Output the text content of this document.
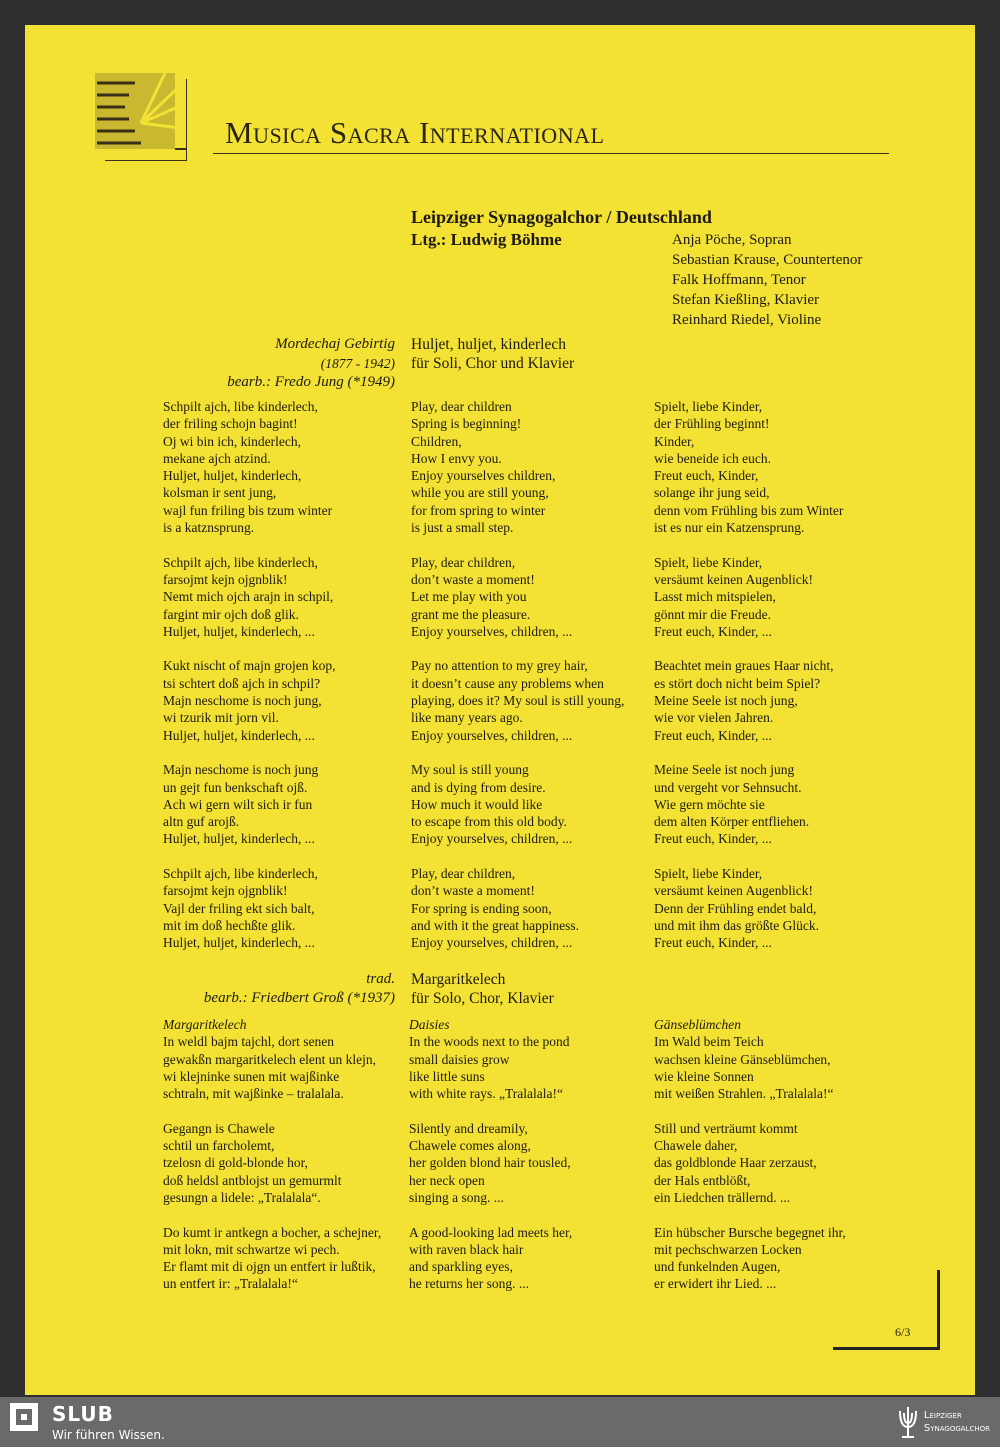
Musica Sacra International
Leipziger Synagogalchor / Deutschland
Ltg.: Ludwig Böhme	Anja Pöche, Sopran
Sebastian Krause, Countertenor
Falk Hoffmann, Tenor
Stefan Kießling, Klavier
Reinhard Riedel, Violine
Mordechaj Gebirtig
(1877 - 1942)
bearb.: Fredo Jung (*1949)
Huljet, huljet, kinderlech
für Soli, Chor und Klavier
Schpilt ajch, libe kinderlech,
der friling schojn bagint!
Oj wi bin ich, kinderlech,
mekane ajch atzind.
Huljet, huljet, kinderlech,
kolsman ir sent jung,
wajl fun friling bis tzum winter
is a katznsprung.
Schpilt ajch, libe kinderlech,
farsojmt kejn ojgnblik!
Nemt mich ojch arajn in schpil,
fargint mir ojch doß glik.
Huljet, huljet, kinderlech, ...
Kukt nischt of majn grojen kop,
tsi schtert doß ajch in schpil?
Majn neschome is noch jung,
wi tzurik mit jorn vil.
Huljet, huljet, kinderlech, ...
Majn neschome is noch jung
un gejt fun benkschaft ojß.
Ach wi gern wilt sich ir fun
altn guf arojß.
Huljet, huljet, kinderlech, ...
Schpilt ajch, libe kinderlech,
farsojmt kejn ojgnblik!
Vajl der friling ekt sich balt,
mit im doß hechßte glik.
Huljet, huljet, kinderlech, ...
Play, dear children
Spring is beginning!
Children,
How I envy you.
Enjoy yourselves children,
while you are still young,
for from spring to winter
is just a small step.
Play, dear children,
don’t waste a moment!
Let me play with you
grant me the pleasure.
Enjoy yourselves, children, ...
Pay no attention to my grey hair,
it doesn’t cause any problems when
playing, does it? My soul is still young,
like many years ago.
Enjoy yourselves, children, ...
My soul is still young
and is dying from desire.
How much it would like
to escape from this old body.
Enjoy yourselves, children, ...
Play, dear children,
don’t waste a moment!
For spring is ending soon,
and with it the great happiness.
Enjoy yourselves, children, ...
Spielt, liebe Kinder,
der Frühling beginnt!
Kinder,
wie beneide ich euch.
Freut euch, Kinder,
solange ihr jung seid,
denn vom Frühling bis zum Winter
ist es nur ein Katzensprung.
Spielt, liebe Kinder,
versäumt keinen Augenblick!
Lasst mich mitspielen,
gönnt mir die Freude.
Freut euch, Kinder, ...
Beachtet mein graues Haar nicht,
es stört doch nicht beim Spiel?
Meine Seele ist noch jung,
wie vor vielen Jahren.
Freut euch, Kinder, ...
Meine Seele ist noch jung
und vergeht vor Sehnsucht.
Wie gern möchte sie
dem alten Körper entfliehen.
Freut euch, Kinder, ...
Spielt, liebe Kinder,
versäumt keinen Augenblick!
Denn der Frühling endet bald,
und mit ihm das größte Glück.
Freut euch, Kinder, ...
trad.
bearb.: Friedbert Groß (*1937)
Margaritkelech
für Solo, Chor, Klavier
Margaritkelech
In weldl bajm tajchl, dort senen
gewakßn margaritkelech elent un klejn,
wi klejninke sunen mit wajßinke
schtraln, mit wajßinke – tralalala.
Gegangn is Chawele
schtil un farcholemt,
tzelosn di gold-blonde hor,
doß heldsl antblojst un gemurmlt
gesungn a lidele: „Tralalala“.
Do kumt ir antkegn a bocher, a schejner,
mit lokn, mit schwartze wi pech.
Er flamt mit di ojgn un entfert ir lußtik,
un entfert ir: „Tralalala!“
Daisies
In the woods next to the pond
small daisies grow
like little suns
with white rays. „Tralalala!“
Silently and dreamily,
Chawele comes along,
her golden blond hair tousled,
her neck open
singing a song. ...
A good-looking lad meets her,
with raven black hair
and sparkling eyes,
he returns her song. ...
Gänseblümchen
Im Wald beim Teich
wachsen kleine Gänseblümchen,
wie kleine Sonnen
mit weißen Strahlen. „Tralalala!“
Still und verträumt kommt
Chawele daher,
das goldblonde Haar zerzaust,
der Hals entblößt,
ein Liedchen trällernd. ...
Ein hübscher Bursche begegnet ihr,
mit pechschwarzen Locken
und funkelnden Augen,
er erwidert ihr Lied. ...
6/3
SLUB
Wir führen Wissen.
Leipziger
Synagogalchor
